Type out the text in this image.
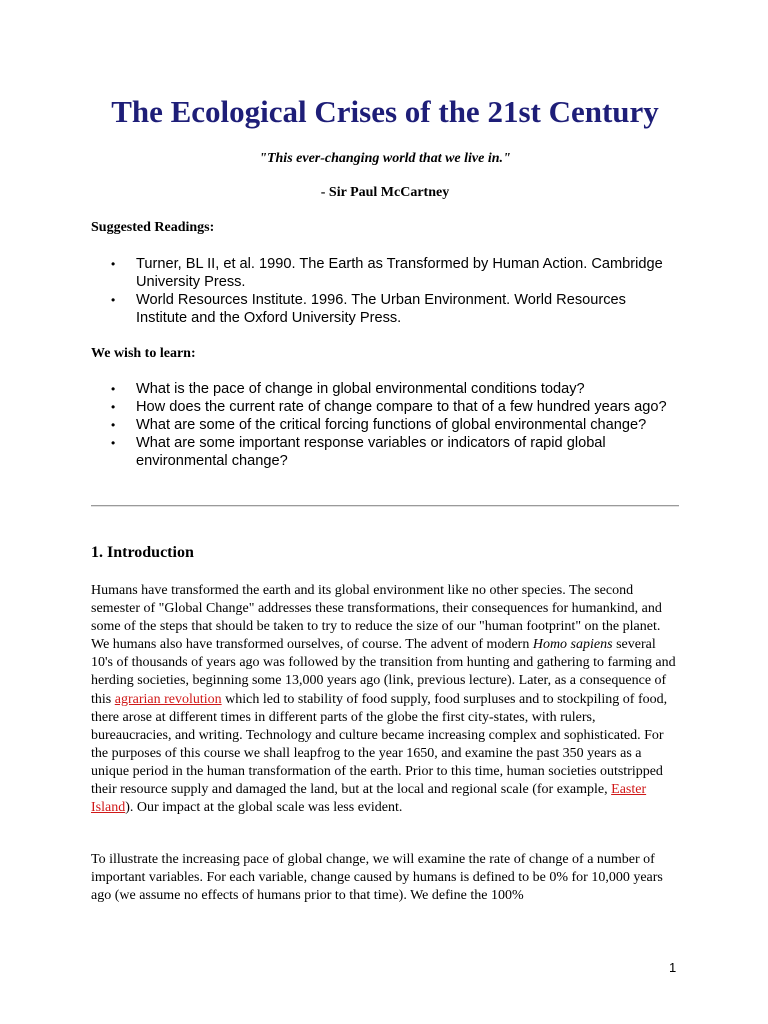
The Ecological Crises of the 21st Century
"This ever-changing world that we live in."
- Sir Paul McCartney
Suggested Readings:
• Turner, BL II, et al. 1990. The Earth as Transformed by Human Action. Cambridge University Press.
• World Resources Institute. 1996. The Urban Environment. World Resources Institute and the Oxford University Press.
We wish to learn:
• What is the pace of change in global environmental conditions today?
• How does the current rate of change compare to that of a few hundred years ago?
• What are some of the critical forcing functions of global environmental change?
• What are some important response variables or indicators of rapid global environmental change?
1. Introduction

Humans have transformed the earth and its global environment like no other species. The second semester of "Global Change" addresses these transformations, their consequences for humankind, and some of the steps that should be taken to try to reduce the size of our "human footprint" on the planet. We humans also have transformed ourselves, of course. The advent of modern Homo sapiens several 10's of thousands of years ago was followed by the transition from hunting and gathering to farming and herding societies, beginning some 13,000 years ago (link, previous lecture). Later, as a consequence of this agrarian revolution which led to stability of food supply, food surpluses and to stockpiling of food, there arose at different times in different parts of the globe the first city-states, with rulers, bureaucracies, and writing. Technology and culture became increasing complex and sophisticated. For the purposes of this course we shall leapfrog to the year 1650, and examine the past 350 years as a unique period in the human transformation of the earth. Prior to this time, human societies outstripped their resource supply and damaged the land, but at the local and regional scale (for example, Easter Island). Our impact at the global scale was less evident.

To illustrate the increasing pace of global change, we will examine the rate of change of a number of important variables. For each variable, change caused by humans is defined to be 0% for 10,000 years ago (we assume no effects of humans prior to that time). We define the 100%

1
